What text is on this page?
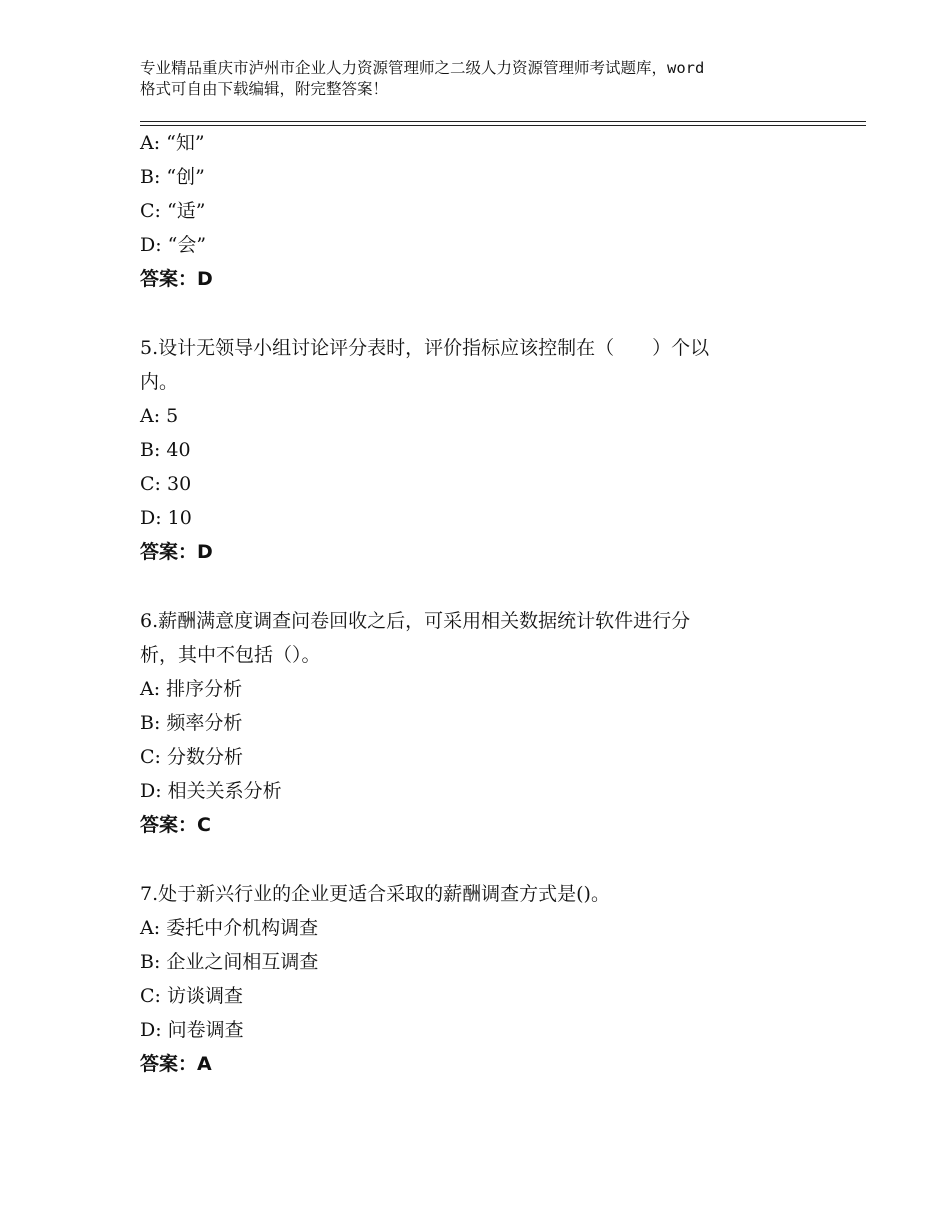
专业精品重庆市泸州市企业人力资源管理师之二级人力资源管理师考试题库，word
格式可自由下载编辑，附完整答案！
A: “知”
B: “创”
C: “适”
D: “会”
答案：D
5.设计无领导小组讨论评分表时，评价指标应该控制在（　　）个以
内。
A: 5
B: 40
C: 30
D: 10
答案：D
6.薪酬满意度调查问卷回收之后，可采用相关数据统计软件进行分
析，其中不包括（）。
A: 排序分析
B: 频率分析
C: 分数分析
D: 相关关系分析
答案：C
7.处于新兴行业的企业更适合采取的薪酬调查方式是()。
A: 委托中介机构调查
B: 企业之间相互调查
C: 访谈调查
D: 问卷调查
答案：A
